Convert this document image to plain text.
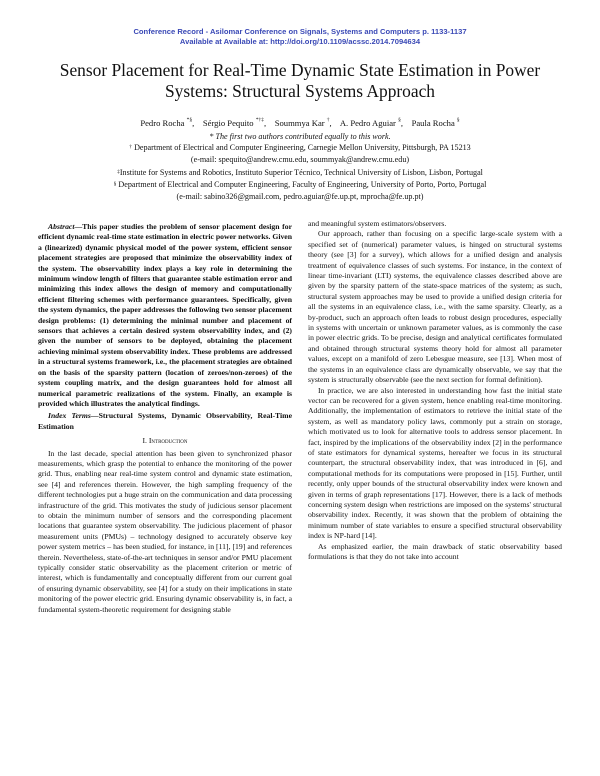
Conference Record - Asilomar Conference on Signals, Systems and Computers p. 1133-1137
Available at Available at: http://doi.org/10.1109/acssc.2014.7094634
Sensor Placement for Real-Time Dynamic State Estimation in Power Systems: Structural Systems Approach
Pedro Rocha *§,    Sérgio Pequito *†‡,    Soummya Kar †,    A. Pedro Aguiar §,    Paula Rocha §
* The first two authors contributed equally to this work.
† Department of Electrical and Computer Engineering, Carnegie Mellon University, Pittsburgh, PA 15213
(e-mail: spequito@andrew.cmu.edu, soummyak@andrew.cmu.edu)
‡Institute for Systems and Robotics, Instituto Superior Técnico, Technical University of Lisbon, Lisbon, Portugal
§ Department of Electrical and Computer Engineering, Faculty of Engineering, University of Porto, Porto, Portugal
(e-mail: sabino326@gmail.com, pedro.aguiar@fe.up.pt, mprocha@fe.up.pt)

Abstract—This paper studies the problem of sensor placement design for efficient dynamic real-time state estimation in electric power networks. Given a (linearized) dynamic physical model of the power system, efficient sensor placement strategies are proposed that minimize the observability index of the system. The observability index plays a key role in determining the minimum window length of filters that guarantee stable estimation error and minimizing this index allows the design of memory and computationally efficient filtering schemes with performance guarantees. Specifically, given the system dynamics, the paper addresses the following two sensor placement design problems: (1) determining the minimal number and placement of sensors that achieves a certain desired system observability index, and (2) given the number of sensors to be deployed, obtaining the placement achieving minimal system observability index. These problems are addressed in a structural systems framework, i.e., the placement strategies are obtained on the basis of the sparsity pattern (location of zeroes/non-zeroes) of the system coupling matrix, and the design guarantees hold for almost all numerical parametric realizations of the system. Finally, an example is provided which illustrates the analytical findings.

Index Terms—Structural Systems, Dynamic Observability, Real-Time Estimation

I. Introduction

In the last decade, special attention has been given to synchronized phasor measurements, which grasp the potential to enhance the monitoring of the power grid. Thus, enabling near real-time system control and dynamic state estimation, see [4] and references therein. However, the high sampling frequency of the different technologies put a huge strain on the communication and data processing infrastructure of the grid. This motivates the study of judicious sensor placement to obtain the minimum number of sensors and the corresponding placement locations that guarantee system observability. The judicious placement of phasor measurement units (PMUs) – technology designed to accurately observe key power system metrics – has been studied, for instance, in [11], [19] and references therein. Nevertheless, state-of-the-art techniques in sensor and/or PMU placement typically consider static observability as the placement criterion or metric of interest, which is fundamentally and conceptually different from our current goal of ensuring dynamic observability, see [4] for a study on their implications in state monitoring of the power electric grid. Ensuring dynamic observability is, in fact, a fundamental system-theoretic requirement for designing stable

and meaningful system estimators/observers.

Our approach, rather than focusing on a specific large-scale system with a specified set of (numerical) parameter values, is hinged on structural systems theory (see [3] for a survey), which allows for a unified design and analysis treatment of equivalence classes of such systems. For instance, in the context of linear time-invariant (LTI) systems, the equivalence classes described above are given by the sparsity pattern of the state-space matrices of the system; as such, structural system approaches may be used to provide a unified design criteria for all the systems in an equivalence class, i.e., with the same sparsity. Clearly, as a by-product, such an approach often leads to robust design procedures, especially in systems with uncertain or unknown parameter values, as is commonly the case in power electric grids. To be precise, design and analytical certificates formulated and obtained through structural systems theory hold for almost all parameter values, except on a manifold of zero Lebesgue measure, see [13]. When most of the systems in an equivalence class are dynamically observable, we say that the system is structurally observable (see the next section for formal definition).

In practice, we are also interested in understanding how fast the initial state vector can be recovered for a given system, hence enabling real-time monitoring. Additionally, the implementation of estimators to retrieve the initial state of the system, as well as mandatory policy laws, commonly put a strain on storage, which motivated us to look for alternative tools to address sensor placement. In fact, inspired by the implications of the observability index [2] in the performance of state estimators for dynamical systems, hereafter we focus in its structural counterpart, the structural observability index, that was introduced in [6], and computational methods for its computations were proposed in [15]. Further, until recently, only upper bounds of the structural observability index were known and given in terms of graph representations [17]. However, there is a lack of methods concerning system design when restrictions are imposed on the systems' structural observability index. Recently, it was shown that the problem of obtaining the minimum number of state variables to ensure a specified structural observability index is NP-hard [14].

As emphasized earlier, the main drawback of static observability based formulations is that they do not take into account
